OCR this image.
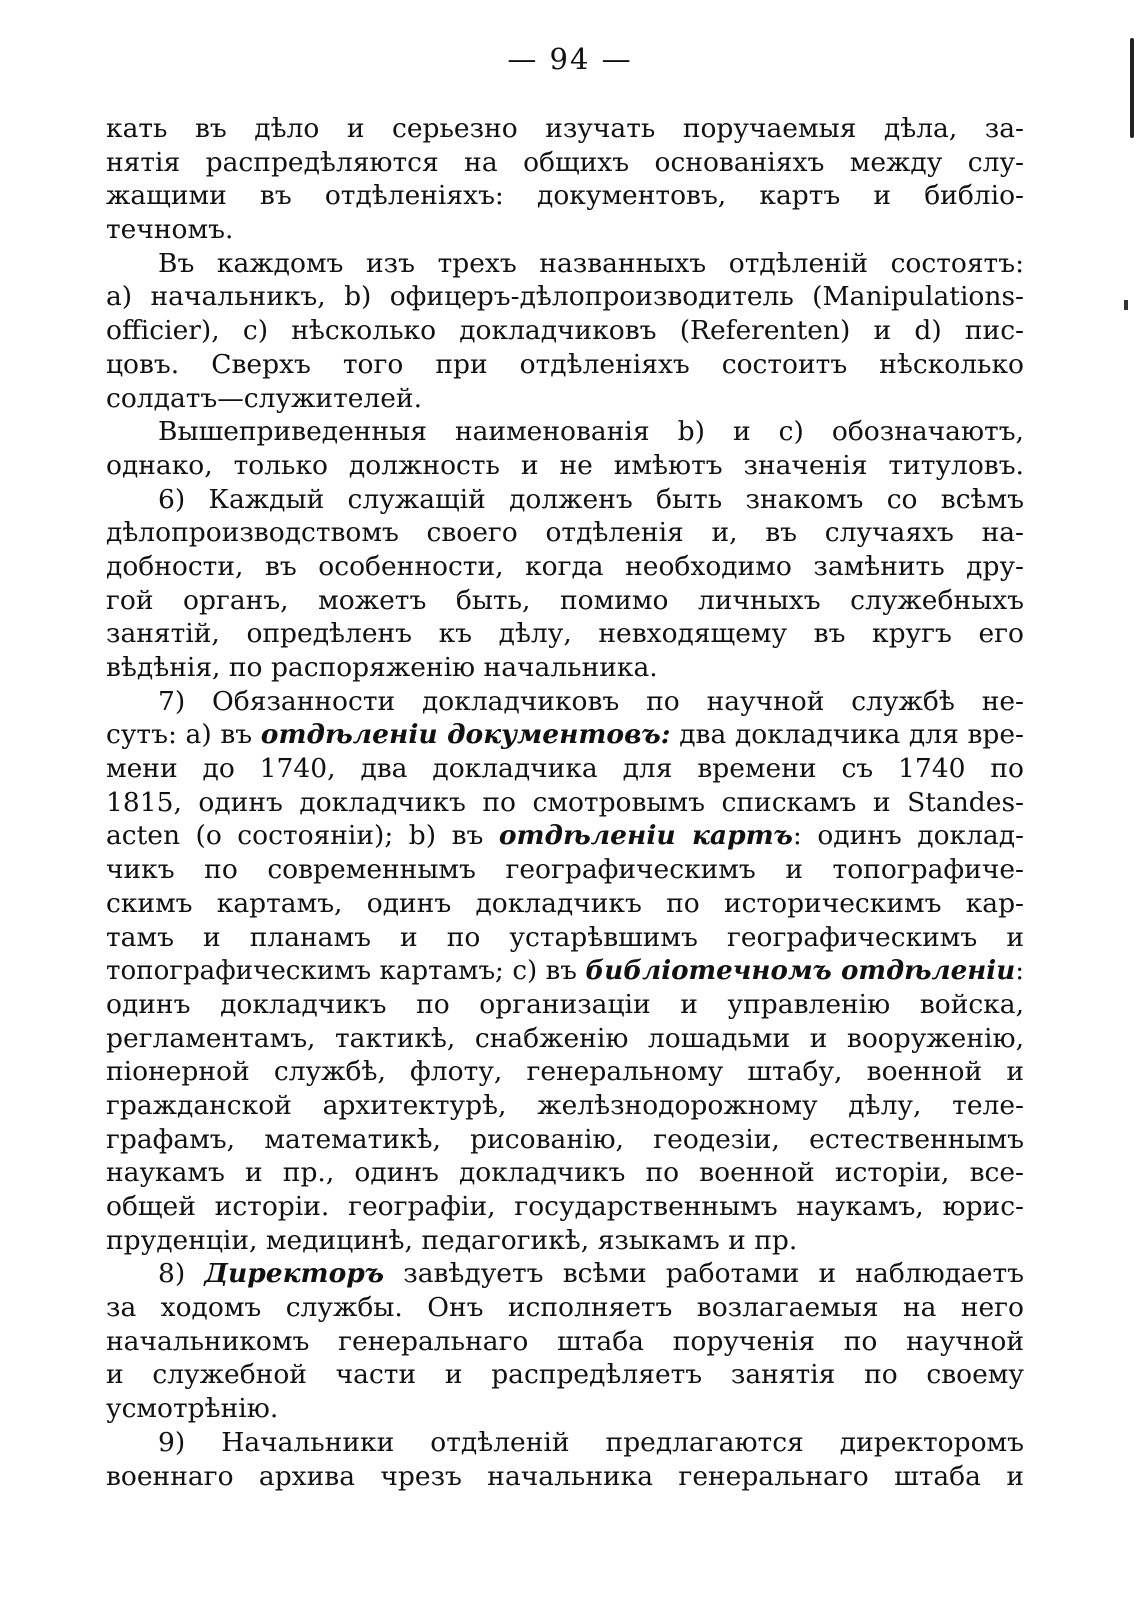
— 94 —
кать въ дѣло и серьезно изучать поручаемыя дѣла, за-
нятія распредѣляются на общихъ основаніяхъ между слу-
жащими въ отдѣленіяхъ: документовъ, картъ и библіо-
течномъ.
Въ каждомъ изъ трехъ названныхъ отдѣленій состоятъ:
а) начальникъ, b) офицеръ-дѣлопроизводитель (Manipulations-
officier), с) нѣсколько докладчиковъ (Referenten) и d) пис-
цовъ. Сверхъ того при отдѣленіяхъ состоитъ нѣсколько
солдатъ—служителей.
Вышеприведенныя наименованія b) и с) обозначаютъ,
однако, только должность и не имѣютъ значенія титуловъ.
6) Каждый служащій долженъ быть знакомъ со всѣмъ
дѣлопроизводствомъ своего отдѣленія и, въ случаяхъ на-
добности, въ особенности, когда необходимо замѣнить дру-
гой органъ, можетъ быть, помимо личныхъ служебныхъ
занятій, опредѣленъ къ дѣлу, невходящему въ кругъ его
вѣдѣнія, по распоряженію начальника.
7) Обязанности докладчиковъ по научной службѣ не-
сутъ: а) въ отдѣленіи документовъ: два докладчика для вре-
мени до 1740, два докладчика для времени съ 1740 по
1815, одинъ докладчикъ по смотровымъ спискамъ и Standes-
acten (о состояніи); b) въ отдѣленіи картъ: одинъ доклад-
чикъ по современнымъ географическимъ и топографиче-
скимъ картамъ, одинъ докладчикъ по историческимъ кар-
тамъ и планамъ и по устарѣвшимъ географическимъ и
топографическимъ картамъ; с) въ библіотечномъ отдѣленіи:
одинъ докладчикъ по организаціи и управленію войска,
регламентамъ, тактикѣ, снабженію лошадьми и вооруженію,
піонерной службѣ, флоту, генеральному штабу, военной и
гражданской архитектурѣ, желѣзнодорожному дѣлу, теле-
графамъ, математикѣ, рисованію, геодезіи, естественнымъ
наукамъ и пр., одинъ докладчикъ по военной исторіи, все-
общей исторіи. географіи, государственнымъ наукамъ, юрис-
пруденціи, медицинѣ, педагогикѣ, языкамъ и пр.
8) Директоръ завѣдуетъ всѣми работами и наблюдаетъ
за ходомъ службы. Онъ исполняетъ возлагаемыя на него
начальникомъ генеральнаго штаба порученія по научной
и служебной части и распредѣляетъ занятія по своему
усмотрѣнію.
9) Начальники отдѣленій предлагаются директоромъ
военнаго архива чрезъ начальника генеральнаго штаба и
